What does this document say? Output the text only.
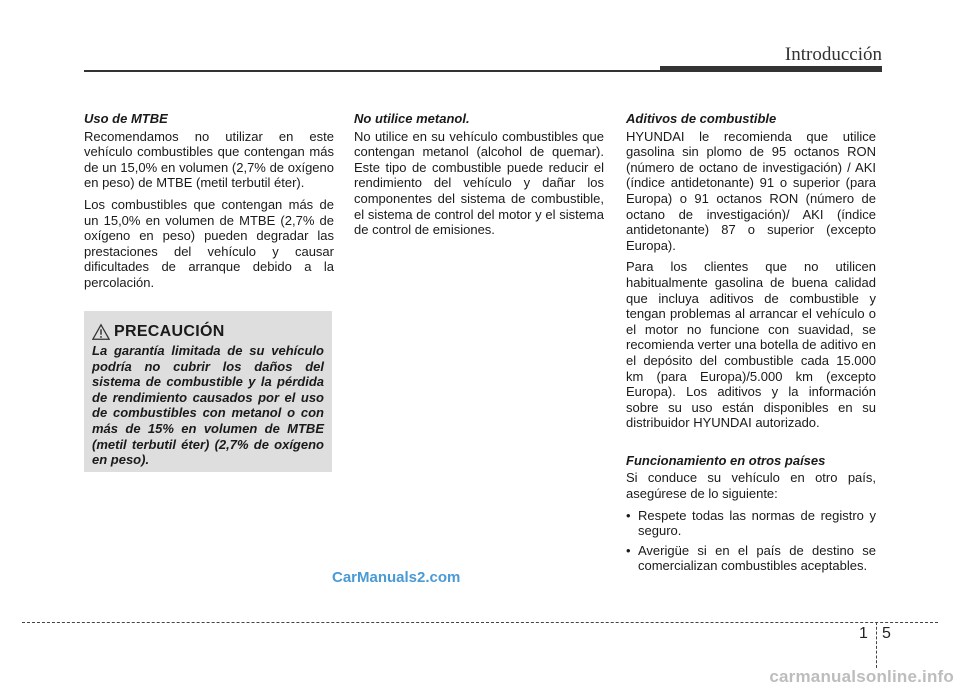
Introducción
Uso de MTBE

Recomendamos no utilizar en este vehículo combustibles que contengan más de un 15,0% en volumen (2,7% de oxígeno en peso) de MTBE (metil terbutil éter).

Los combustibles que contengan más de un 15,0% en volumen de MTBE (2,7% de oxígeno en peso) pueden degradar las prestaciones del vehículo y causar dificultades de arranque debido a la percolación.

PRECAUCIÓN

La garantía limitada de su vehículo podría no cubrir los daños del sistema de combustible y la pérdida de rendimiento causados por el uso de combustibles con metanol o con más de 15% en volumen de MTBE (metil terbutil éter) (2,7% de oxígeno en peso).

No utilice metanol.

No utilice en su vehículo combustibles que contengan metanol (alcohol de quemar). Este tipo de combustible puede reducir el rendimiento del vehículo y dañar los componentes del sistema de combustible, el sistema de control del motor y el sistema de control de emisiones.

Aditivos de combustible

HYUNDAI le recomienda que utilice gasolina sin plomo de 95 octanos RON (número de octano de investigación) / AKI (índice antidetonante) 91 o superior (para Europa) o 91 octanos RON (número de octano de investigación)/ AKI (índice antidetonante) 87 o superior (excepto Europa).

Para los clientes que no utilicen habitualmente gasolina de buena calidad que incluya aditivos de combustible y tengan problemas al arrancar el vehículo o el motor no funcione con suavidad, se recomienda verter una botella de aditivo en el depósito del combustible cada 15.000 km (para Europa)/5.000 km (excepto Europa). Los aditivos y la información sobre su uso están disponibles en su distribuidor HYUNDAI autorizado.

Funcionamiento en otros países

Si conduce su vehículo en otro país, asegúrese de lo siguiente:

• Respete todas las normas de registro y seguro.
• Averigüe si en el país de destino se comercializan combustibles aceptables.
CarManuals2.com
1 5
carmanualsonline.info
